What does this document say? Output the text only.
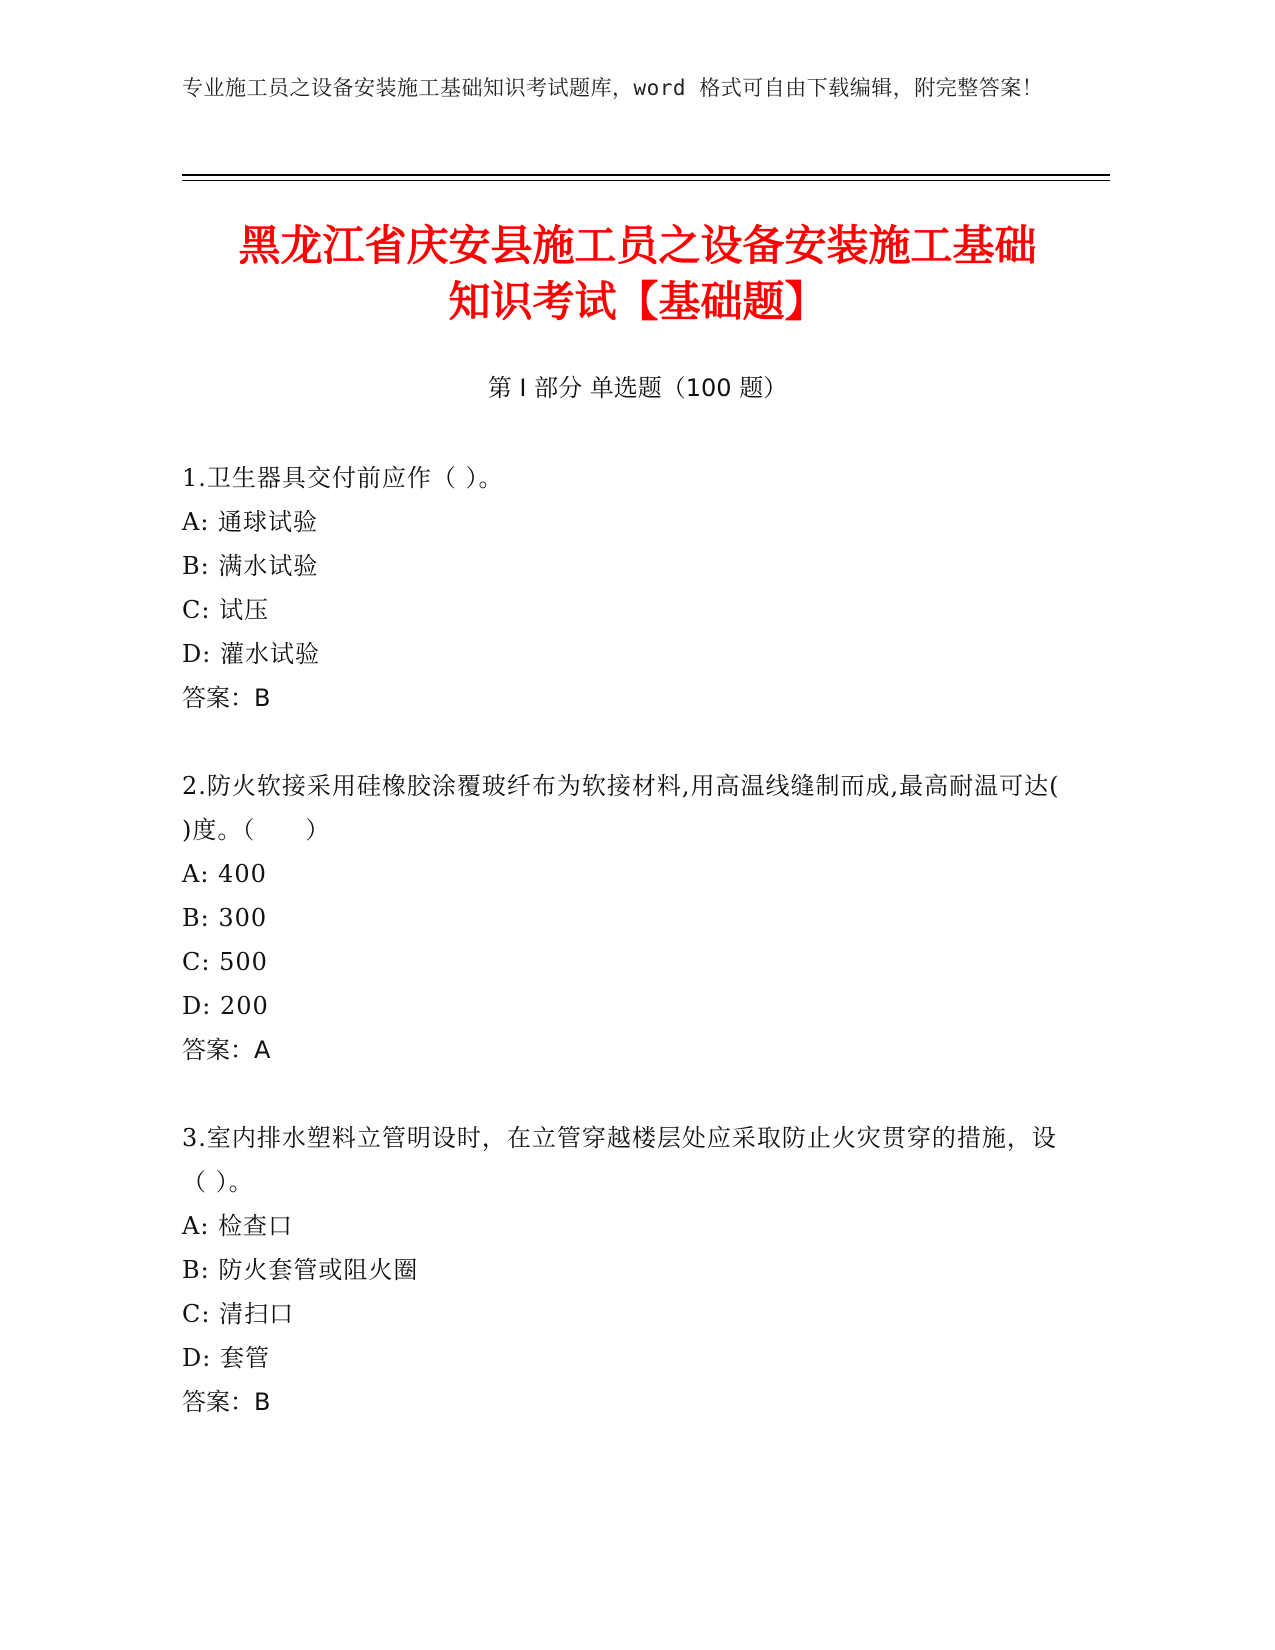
专业施工员之设备安装施工基础知识考试题库，word 格式可自由下载编辑，附完整答案！
黑龙江省庆安县施工员之设备安装施工基础
知识考试【基础题】
第 I 部分 单选题（100 题）
1.卫生器具交付前应作（ ）。
A: 通球试验
B: 满水试验
C: 试压
D: 灌水试验
答案：B
2.防火软接采用硅橡胶涂覆玻纤布为软接材料,用高温线缝制而成,最高耐温可达( )度。（　　）
A: 400
B: 300
C: 500
D: 200
答案：A
3.室内排水塑料立管明设时，在立管穿越楼层处应采取防止火灾贯穿的措施，设（ ）。
A: 检查口
B: 防火套管或阻火圈
C: 清扫口
D: 套管
答案：B
